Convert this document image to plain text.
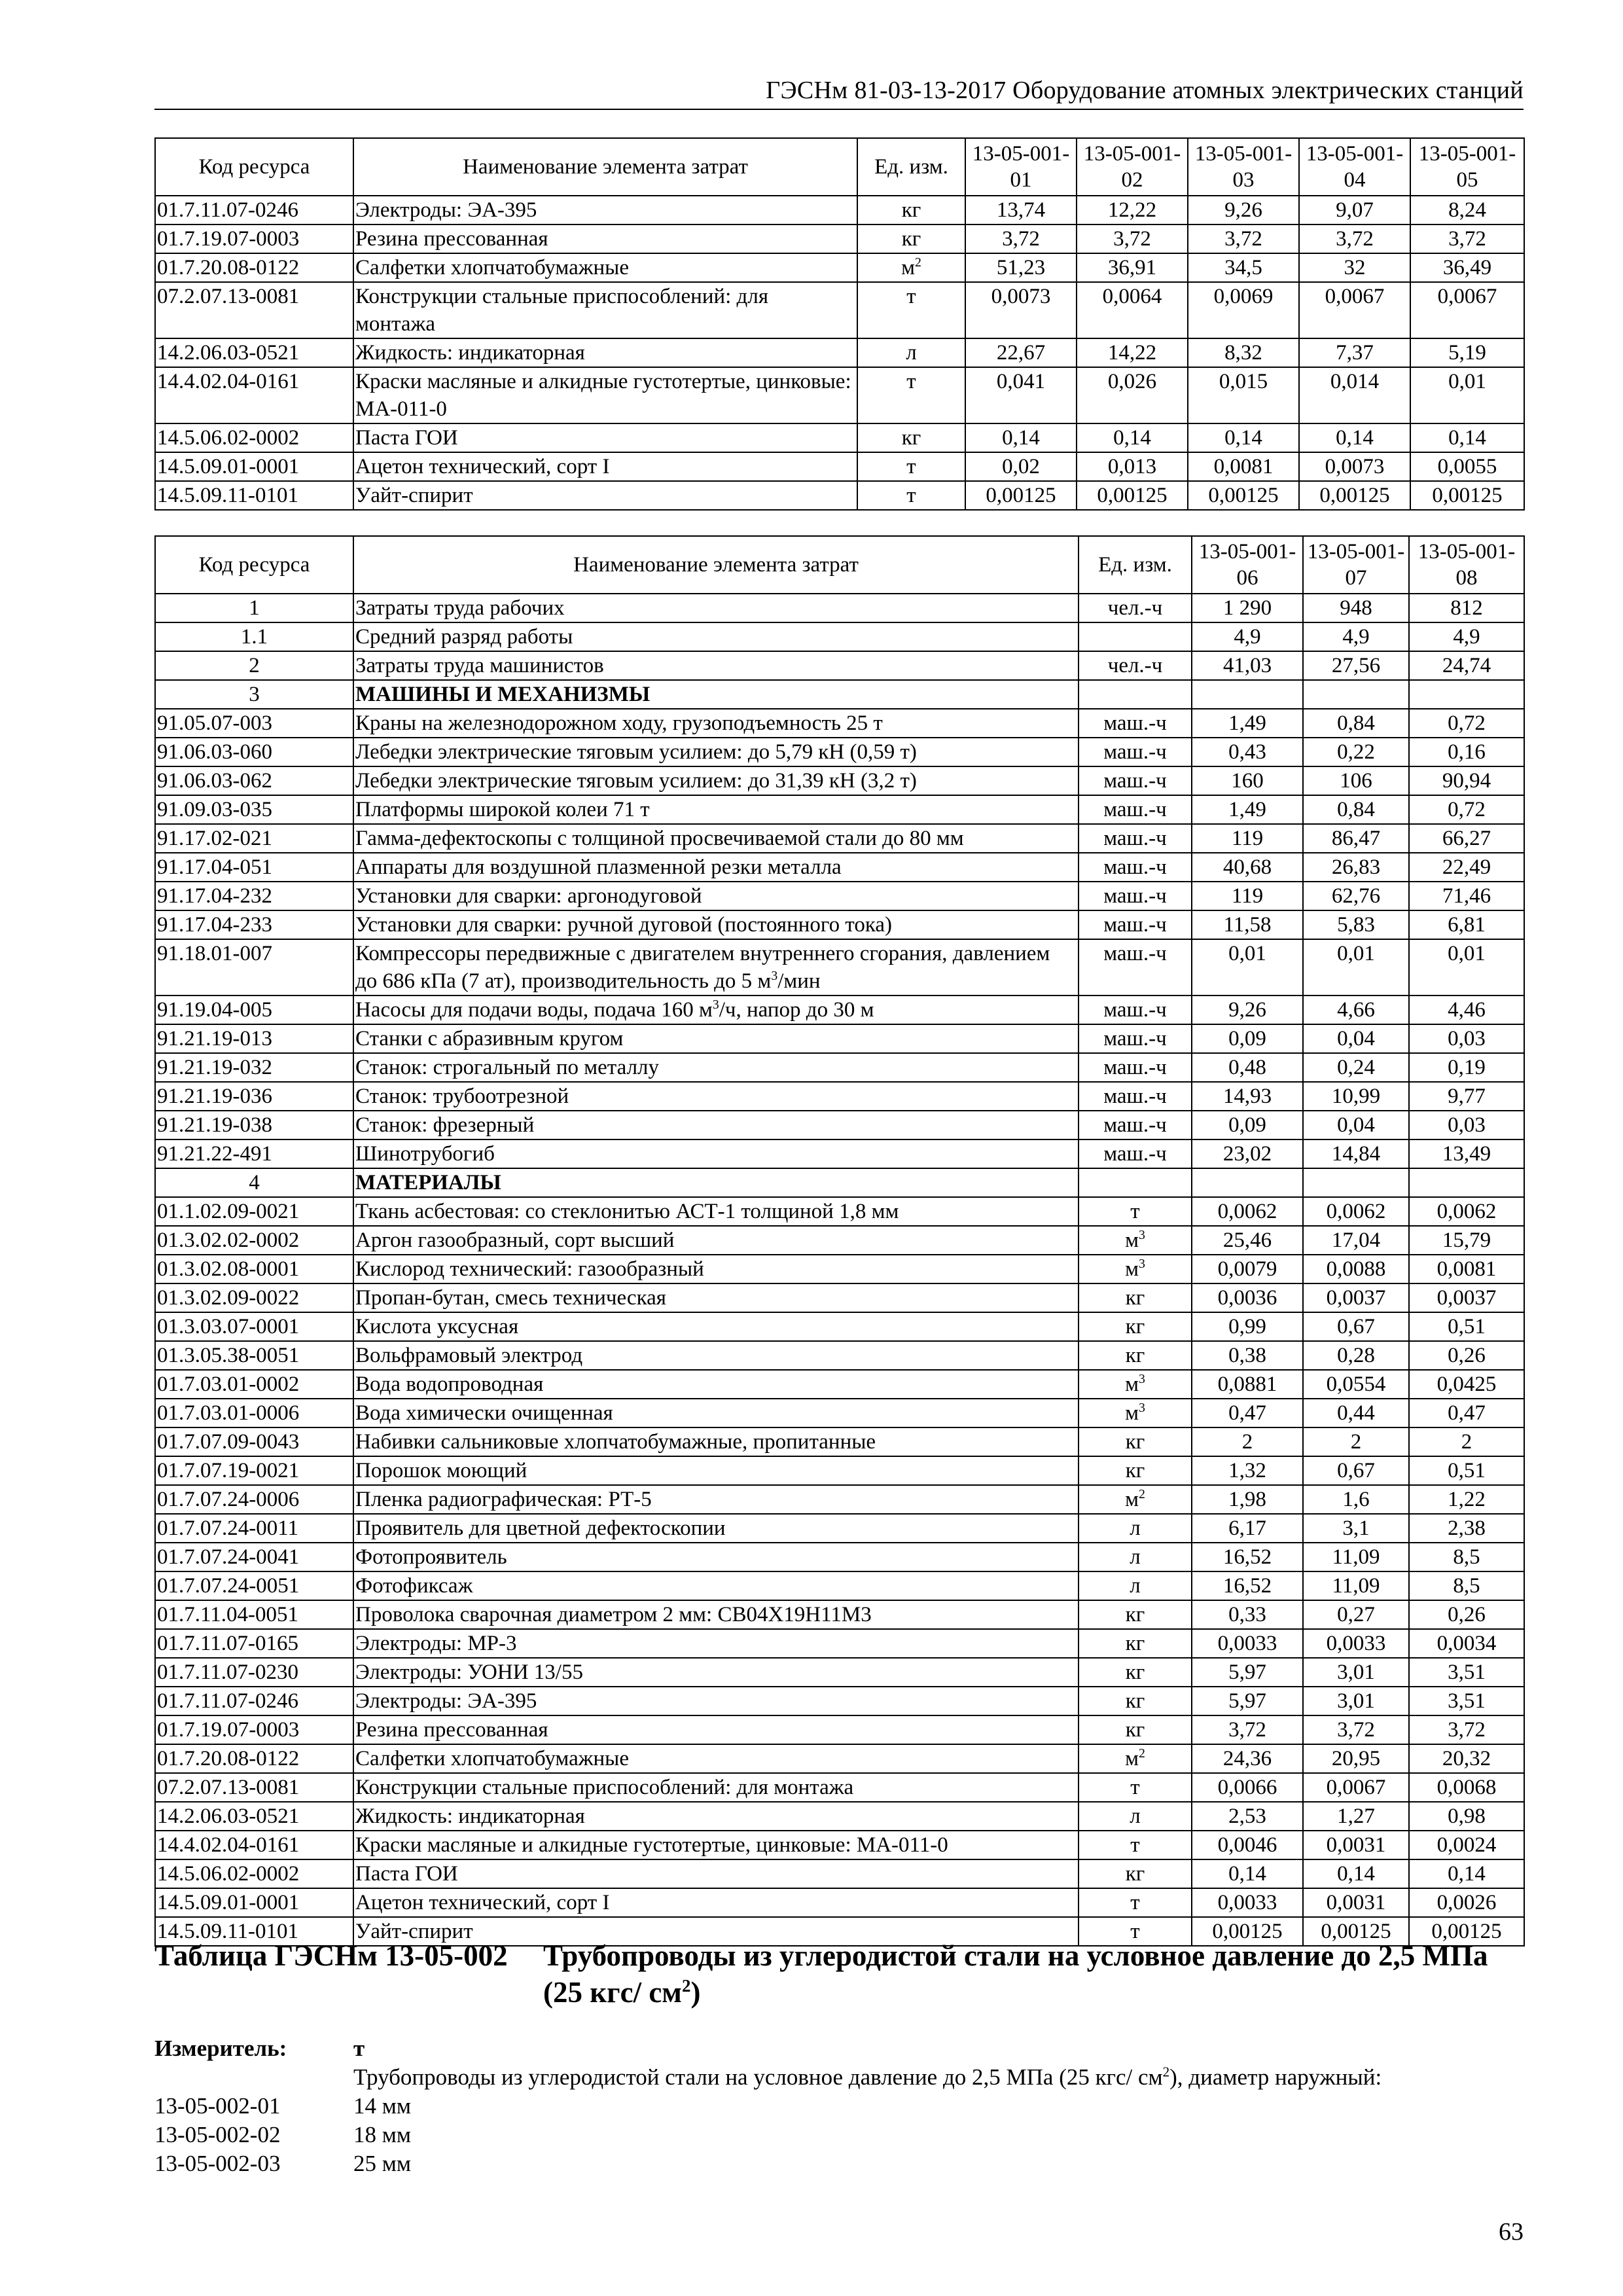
ГЭСНм 81-03-13-2017 Оборудование атомных электрических станций
Код ресурса	Наименование элемента затрат	Ед. изм.	13-05-001-01	13-05-001-02	13-05-001-03	13-05-001-04	13-05-001-05
01.7.11.07-0246	Электроды: ЭА-395	кг	13,74	12,22	9,26	9,07	8,24
01.7.19.07-0003	Резина прессованная	кг	3,72	3,72	3,72	3,72	3,72
01.7.20.08-0122	Салфетки хлопчатобумажные	$м^2$	51,23	36,91	34,5	32	36,49
07.2.07.13-0081	Конструкции стальные приспособлений: для монтажа	т	0,0073	0,0064	0,0069	0,0067	0,0067
14.2.06.03-0521	Жидкость: индикаторная	л	22,67	14,22	8,32	7,37	5,19
14.4.02.04-0161	Краски масляные и алкидные густотертые, цинковые: МА-011-0	т	0,041	0,026	0,015	0,014	0,01
14.5.06.02-0002	Паста ГОИ	кг	0,14	0,14	0,14	0,14	0,14
14.5.09.01-0001	Ацетон технический, сорт I	т	0,02	0,013	0,0081	0,0073	0,0055
14.5.09.11-0101	Уайт-спирит	т	0,00125	0,00125	0,00125	0,00125	0,00125
Код ресурса	Наименование элемента затрат	Ед. изм.	13-05-001-06	13-05-001-07	13-05-001-08
1	Затраты труда рабочих	чел.-ч	1 290	948	812
1.1	Средний разряд работы		4,9	4,9	4,9
2	Затраты труда машинистов	чел.-ч	41,03	27,56	24,74
3	МАШИНЫ И МЕХАНИЗМЫ				
91.05.07-003	Краны на железнодорожном ходу, грузоподъемность 25 т	маш.-ч	1,49	0,84	0,72
91.06.03-060	Лебедки электрические тяговым усилием: до 5,79 кН (0,59 т)	маш.-ч	0,43	0,22	0,16
91.06.03-062	Лебедки электрические тяговым усилием: до 31,39 кН (3,2 т)	маш.-ч	160	106	90,94
91.09.03-035	Платформы широкой колеи 71 т	маш.-ч	1,49	0,84	0,72
91.17.02-021	Гамма-дефектоскопы с толщиной просвечиваемой стали до 80 мм	маш.-ч	119	86,47	66,27
91.17.04-051	Аппараты для воздушной плазменной резки металла	маш.-ч	40,68	26,83	22,49
91.17.04-232	Установки для сварки: аргонодуговой	маш.-ч	119	62,76	71,46
91.17.04-233	Установки для сварки: ручной дуговой (постоянного тока)	маш.-ч	11,58	5,83	6,81
91.18.01-007	Компрессоры передвижные с двигателем внутреннего сгорания, давлением до 686 кПа (7 ат), производительность до 5 $м^3$/мин	маш.-ч	0,01	0,01	0,01
91.19.04-005	Насосы для подачи воды, подача 160 $м^3/ч$, напор до 30 м	маш.-ч	9,26	4,66	4,46
91.21.19-013	Станки с абразивным кругом	маш.-ч	0,09	0,04	0,03
91.21.19-032	Станок: строгальный по металлу	маш.-ч	0,48	0,24	0,19
91.21.19-036	Станок: трубоотрезной	маш.-ч	14,93	10,99	9,77
91.21.19-038	Станок: фрезерный	маш.-ч	0,09	0,04	0,03
91.21.22-491	Шинотрубогиб	маш.-ч	23,02	14,84	13,49
4	МАТЕРИАЛЫ				
01.1.02.09-0021	Ткань асбестовая: со стеклонитью АСТ-1 толщиной 1,8 мм	т	0,0062	0,0062	0,0062
01.3.02.02-0002	Аргон газообразный, сорт высший	$м^3$	25,46	17,04	15,79
01.3.02.08-0001	Кислород технический: газообразный	$м^3$	0,0079	0,0088	0,0081
01.3.02.09-0022	Пропан-бутан, смесь техническая	кг	0,0036	0,0037	0,0037
01.3.03.07-0001	Кислота уксусная	кг	0,99	0,67	0,51
01.3.05.38-0051	Вольфрамовый электрод	кг	0,38	0,28	0,26
01.7.03.01-0002	Вода водопроводная	$м^3$	0,0881	0,0554	0,0425
01.7.03.01-0006	Вода химически очищенная	$м^3$	0,47	0,44	0,47
01.7.07.09-0043	Набивки сальниковые хлопчатобумажные, пропитанные	кг	2	2	2
01.7.07.19-0021	Порошок моющий	кг	1,32	0,67	0,51
01.7.07.24-0006	Пленка радиографическая: РТ-5	$м^2$	1,98	1,6	1,22
01.7.07.24-0011	Проявитель для цветной дефектоскопии	л	6,17	3,1	2,38
01.7.07.24-0041	Фотопроявитель	л	16,52	11,09	8,5
01.7.07.24-0051	Фотофиксаж	л	16,52	11,09	8,5
01.7.11.04-0051	Проволока сварочная диаметром 2 мм: СВ04Х19Н11М3	кг	0,33	0,27	0,26
01.7.11.07-0165	Электроды: МР-3	кг	0,0033	0,0033	0,0034
01.7.11.07-0230	Электроды: УОНИ 13/55	кг	5,97	3,01	3,51
01.7.11.07-0246	Электроды: ЭА-395	кг	5,97	3,01	3,51
01.7.19.07-0003	Резина прессованная	кг	3,72	3,72	3,72
01.7.20.08-0122	Салфетки хлопчатобумажные	$м^2$	24,36	20,95	20,32
07.2.07.13-0081	Конструкции стальные приспособлений: для монтажа	т	0,0066	0,0067	0,0068
14.2.06.03-0521	Жидкость: индикаторная	л	2,53	1,27	0,98
14.4.02.04-0161	Краски масляные и алкидные густотертые, цинковые: МА-011-0	т	0,0046	0,0031	0,0024
14.5.06.02-0002	Паста ГОИ	кг	0,14	0,14	0,14
14.5.09.01-0001	Ацетон технический, сорт I	т	0,0033	0,0031	0,0026
14.5.09.11-0101	Уайт-спирит	т	0,00125	0,00125	0,00125
Таблица ГЭСНм 13-05-002 Трубопроводы из углеродистой стали на условное давление до 2,5 МПа (25 кгс/ $см^2$)
Измеритель:	т
Трубопроводы из углеродистой стали на условное давление до 2,5 МПа (25 кгс/ $см^2$), диаметр наружный:
13-05-002-01	14 мм
13-05-002-02	18 мм
13-05-002-03	25 мм
63
